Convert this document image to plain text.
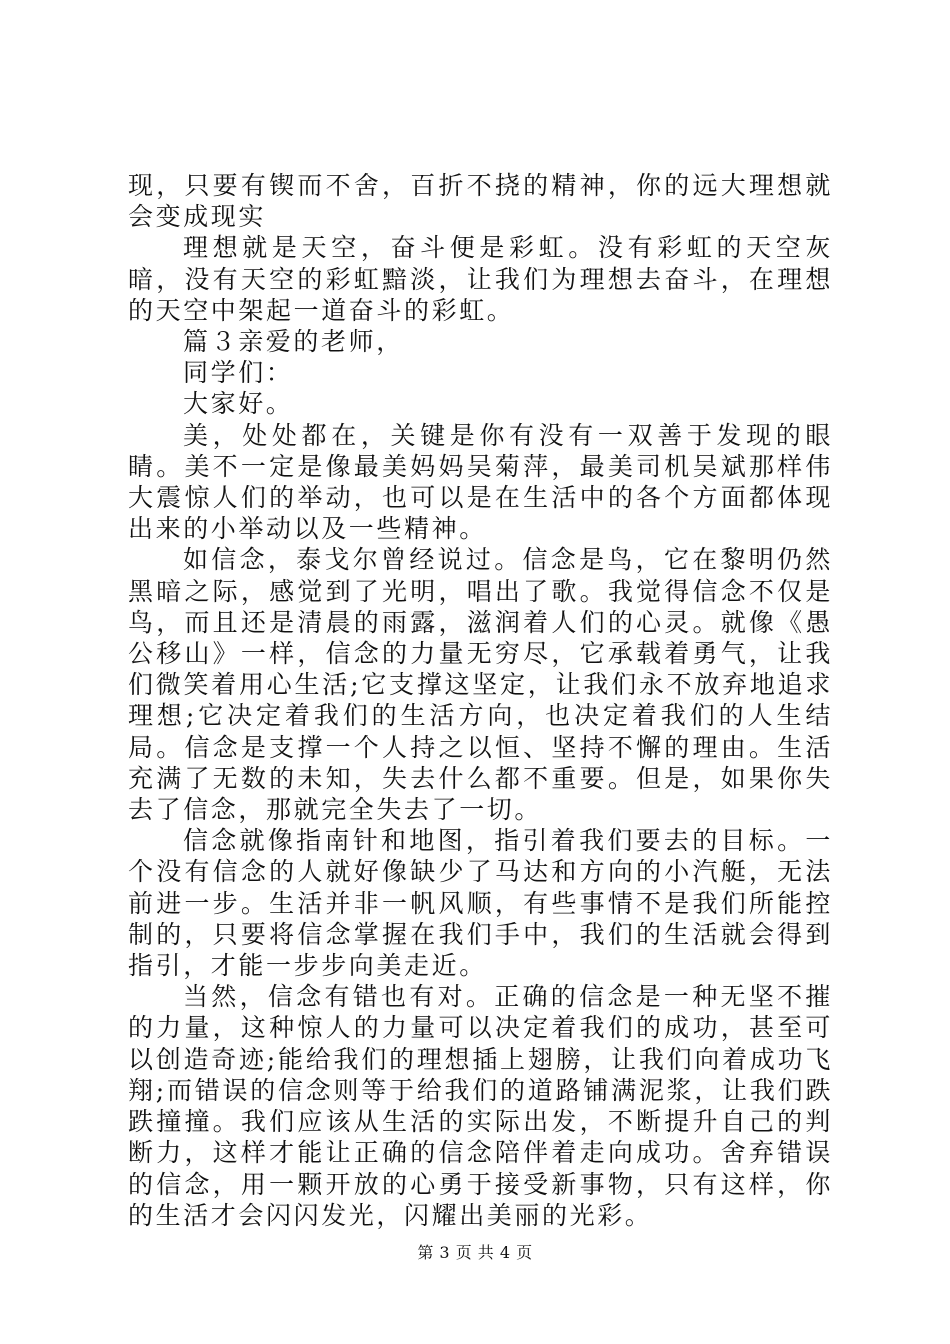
现，只要有锲而不舍，百折不挠的精神，你的远大理想就会变成现实

理想就是天空，奋斗便是彩虹。没有彩虹的天空灰暗，没有天空的彩虹黯淡，让我们为理想去奋斗，在理想的天空中架起一道奋斗的彩虹。

篇３亲爱的老师，

同学们：

大家好。

美，处处都在，关键是你有没有一双善于发现的眼睛。美不一定是像最美妈妈吴菊萍，最美司机吴斌那样伟大震惊人们的举动，也可以是在生活中的各个方面都体现出来的小举动以及一些精神。

如信念，泰戈尔曾经说过。信念是鸟，它在黎明仍然黑暗之际，感觉到了光明，唱出了歌。我觉得信念不仅是鸟，而且还是清晨的雨露，滋润着人们的心灵。就像《愚公移山》一样，信念的力量无穷尽，它承载着勇气，让我们微笑着用心生活;它支撑这坚定，让我们永不放弃地追求理想;它决定着我们的生活方向，也决定着我们的人生结局。信念是支撑一个人持之以恒、坚持不懈的理由。生活充满了无数的未知，失去什么都不重要。但是，如果你失去了信念，那就完全失去了一切。

信念就像指南针和地图，指引着我们要去的目标。一个没有信念的人就好像缺少了马达和方向的小汽艇，无法前进一步。生活并非一帆风顺，有些事情不是我们所能控制的，只要将信念掌握在我们手中，我们的生活就会得到指引，才能一步步向美走近。

当然，信念有错也有对。正确的信念是一种无坚不摧的力量，这种惊人的力量可以决定着我们的成功，甚至可以创造奇迹;能给我们的理想插上翅膀，让我们向着成功飞翔;而错误的信念则等于给我们的道路铺满泥浆，让我们跌跌撞撞。我们应该从生活的实际出发，不断提升自己的判断力，这样才能让正确的信念陪伴着走向成功。舍弃错误的信念，用一颗开放的心勇于接受新事物，只有这样，你的生活才会闪闪发光，闪耀出美丽的光彩。

第 3 页 共 4 页
